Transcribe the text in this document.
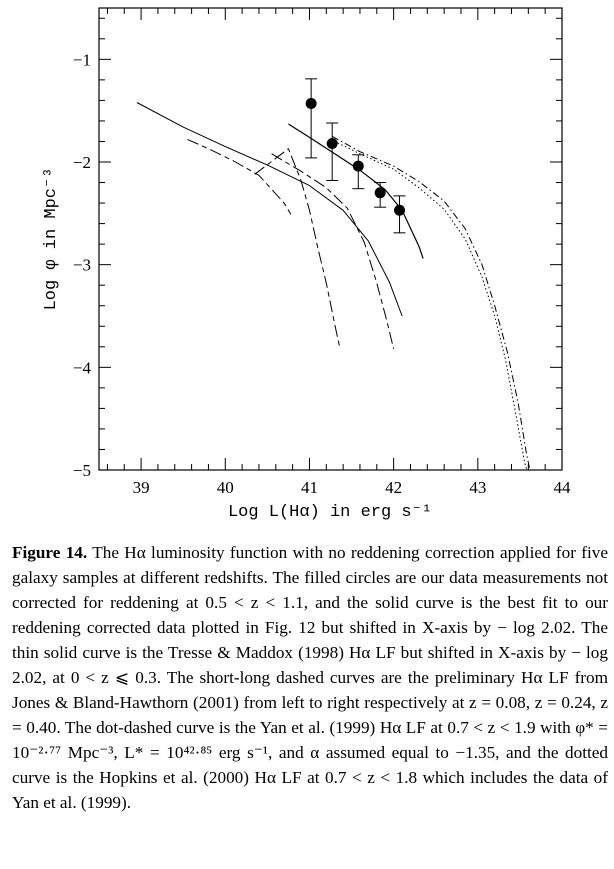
39	40	41	42	43	44
−1
−2
−3
−4
−5
Log L(Hα) in erg s⁻¹
Log φ in Mpc⁻³

Figure 14. The Hα luminosity function with no reddening correction applied for five galaxy samples at different redshifts. The filled circles are our data measurements not corrected for reddening at 0.5 < z < 1.1, and the solid curve is the best fit to our reddening corrected data plotted in Fig. 12 but shifted in X-axis by − log 2.02. The thin solid curve is the Tresse & Maddox (1998) Hα LF but shifted in X-axis by − log 2.02, at 0 < z ⩽ 0.3. The short-long dashed curves are the preliminary Hα LF from Jones & Bland-Hawthorn (2001) from left to right respectively at z = 0.08, z = 0.24, z = 0.40. The dot-dashed curve is the Yan et al. (1999) Hα LF at 0.7 < z < 1.9 with φ* = 10⁻²·⁷⁷ Mpc⁻³, L* = 10⁴²·⁸⁵ erg s⁻¹, and α assumed equal to −1.35, and the dotted curve is the Hopkins et al. (2000) Hα LF at 0.7 < z < 1.8 which includes the data of Yan et al. (1999).
